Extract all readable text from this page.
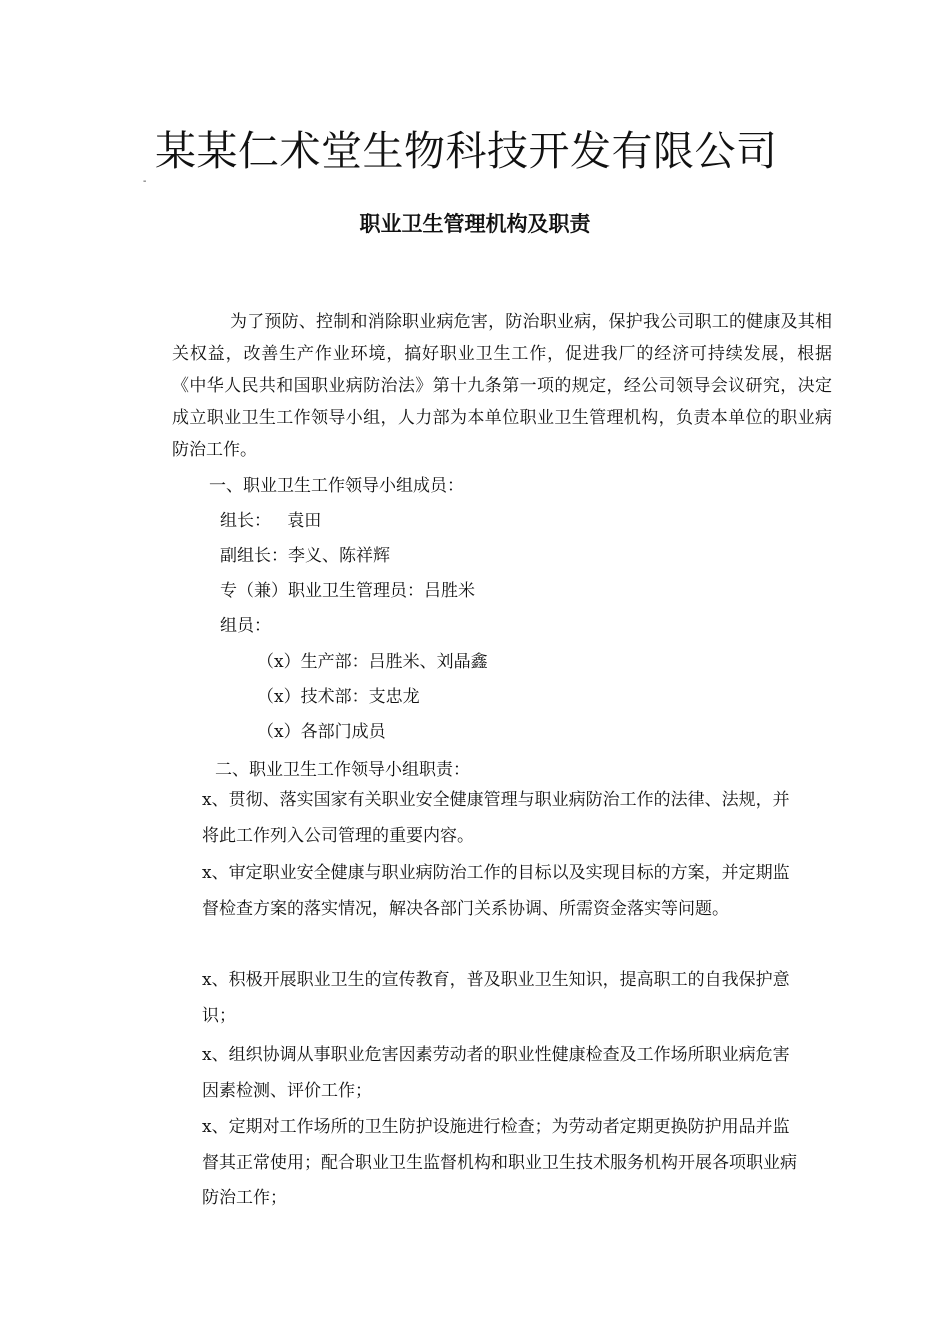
某某仁术堂生物科技开发有限公司
-
职业卫生管理机构及职责
为了预防、控制和消除职业病危害，防治职业病，保护我公司职工的健康及其相关权益，改善生产作业环境，搞好职业卫生工作，促进我厂的经济可持续发展，根据《中华人民共和国职业病防治法》第十九条第一项的规定，经公司领导会议研究，决定成立职业卫生工作领导小组，人力部为本单位职业卫生管理机构，负责本单位的职业病防治工作。
一、职业卫生工作领导小组成员：
组长：   袁田
副组长：李义、陈祥辉
专（兼）职业卫生管理员：吕胜米
组员：
（x）生产部：吕胜米、刘晶鑫
（x）技术部：支忠龙
（x）各部门成员
二、职业卫生工作领导小组职责：
x、贯彻、落实国家有关职业安全健康管理与职业病防治工作的法律、法规，并将此工作列入公司管理的重要内容。
x、审定职业安全健康与职业病防治工作的目标以及实现目标的方案，并定期监督检查方案的落实情况，解决各部门关系协调、所需资金落实等问题。
x、积极开展职业卫生的宣传教育，普及职业卫生知识，提高职工的自我保护意识；
x、组织协调从事职业危害因素劳动者的职业性健康检查及工作场所职业病危害因素检测、评价工作；
x、定期对工作场所的卫生防护设施进行检查；为劳动者定期更换防护用品并监督其正常使用；配合职业卫生监督机构和职业卫生技术服务机构开展各项职业病防治工作；
